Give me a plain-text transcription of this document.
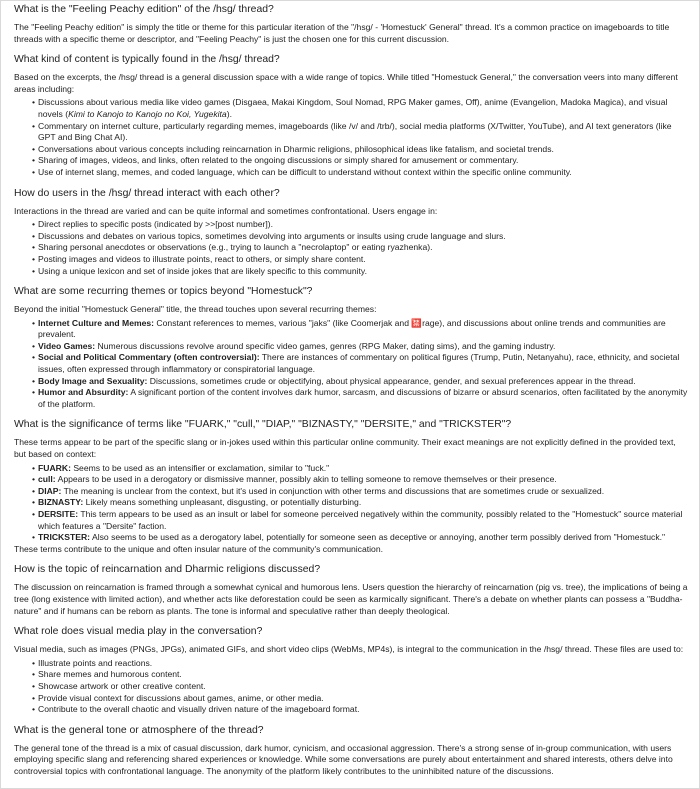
What is the "Feeling Peachy edition" of the /hsg/ thread?

The "Feeling Peachy edition" is simply the title or theme for this particular iteration of the "/hsg/ - 'Homestuck' General" thread. It's a common practice on imageboards to title threads with a specific theme or descriptor, and "Feeling Peachy" is just the chosen one for this current discussion.

What kind of content is typically found in the /hsg/ thread?

Based on the excerpts, the /hsg/ thread is a general discussion space with a wide range of topics. While titled "Homestuck General," the conversation veers into many different areas including:

• Discussions about various media like video games (Disgaea, Makai Kingdom, Soul Nomad, RPG Maker games, Off), anime (Evangelion, Madoka Magica), and visual novels (Kimi to Kanojo to Kanojo no Koi, Yugekita).
• Commentary on internet culture, particularly regarding memes, imageboards (like /v/ and /trb/), social media platforms (X/Twitter, YouTube), and AI text generators (like GPT and Bing Chat AI).
• Conversations about various concepts including reincarnation in Dharmic religions, philosophical ideas like fatalism, and societal trends.
• Sharing of images, videos, and links, often related to the ongoing discussions or simply shared for amusement or commentary.
• Use of internet slang, memes, and coded language, which can be difficult to understand without context within the specific online community.
How do users in the /hsg/ thread interact with each other?

Interactions in the thread are varied and can be quite informal and sometimes confrontational. Users engage in:

• Direct replies to specific posts (indicated by >>[post number]).
• Discussions and debates on various topics, sometimes devolving into arguments or insults using crude language and slurs.
• Sharing personal anecdotes or observations (e.g., trying to launch a "necrolaptop" or eating ryazhenka).
• Posting images and videos to illustrate points, react to others, or simply share content.
• Using a unique lexicon and set of inside jokes that are likely specific to this community.
What are some recurring themes or topics beyond "Homestuck"?

Beyond the initial "Homestuck General" title, the thread touches upon several recurring themes:

• Internet Culture and Memes: Constant references to memes, various "jaks" (like Coomerjak and 🈲rage), and discussions about online trends and communities are prevalent.
• Video Games: Numerous discussions revolve around specific video games, genres (RPG Maker, dating sims), and the gaming industry.
• Social and Political Commentary (often controversial): There are instances of commentary on political figures (Trump, Putin, Netanyahu), race, ethnicity, and societal issues, often expressed through inflammatory or conspiratorial language.
• Body Image and Sexuality: Discussions, sometimes crude or objectifying, about physical appearance, gender, and sexual preferences appear in the thread.
• Humor and Absurdity: A significant portion of the content involves dark humor, sarcasm, and discussions of bizarre or absurd scenarios, often facilitated by the anonymity of the platform.
What is the significance of terms like "FUARK," "cull," "DIAP," "BIZNASTY," "DERSITE," and "TRICKSTER"?

These terms appear to be part of the specific slang or in-jokes used within this particular online community. Their exact meanings are not explicitly defined in the provided text, but based on context:

• FUARK: Seems to be used as an intensifier or exclamation, similar to "fuck."
• cull: Appears to be used in a derogatory or dismissive manner, possibly akin to telling someone to remove themselves or their presence.
• DIAP: The meaning is unclear from the context, but it's used in conjunction with other terms and discussions that are sometimes crude or sexualized.
• BIZNASTY: Likely means something unpleasant, disgusting, or potentially disturbing.
• DERSITE: This term appears to be used as an insult or label for someone perceived negatively within the community, possibly related to the "Homestuck" source material which features a "Dersite" faction.
• TRICKSTER: Also seems to be used as a derogatory label, potentially for someone seen as deceptive or annoying, another term possibly derived from "Homestuck."

These terms contribute to the unique and often insular nature of the community's communication.

How is the topic of reincarnation and Dharmic religions discussed?

The discussion on reincarnation is framed through a somewhat cynical and humorous lens. Users question the hierarchy of reincarnation (pig vs. tree), the implications of being a tree (long existence with limited action), and whether acts like deforestation could be seen as karmically significant. There's a debate on whether plants can possess a "Buddha-nature" and if humans can be reborn as plants. The tone is informal and speculative rather than deeply theological.

What role does visual media play in the conversation?

Visual media, such as images (PNGs, JPGs), animated GIFs, and short video clips (WebMs, MP4s), is integral to the communication in the /hsg/ thread. These files are used to:

• Illustrate points and reactions.
• Share memes and humorous content.
• Showcase artwork or other creative content.
• Provide visual context for discussions about games, anime, or other media.
• Contribute to the overall chaotic and visually driven nature of the imageboard format.
What is the general tone or atmosphere of the thread?

The general tone of the thread is a mix of casual discussion, dark humor, cynicism, and occasional aggression. There's a strong sense of in-group communication, with users employing specific slang and referencing shared experiences or knowledge. While some conversations are purely about entertainment and shared interests, others delve into controversial topics with confrontational language. The anonymity of the platform likely contributes to the uninhibited nature of the discussions.
